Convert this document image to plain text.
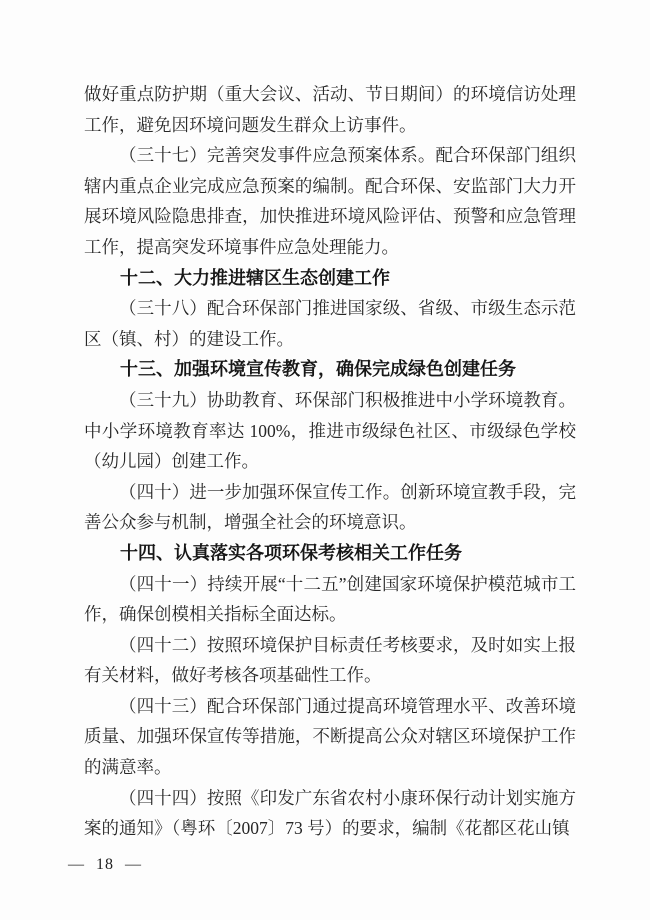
做好重点防护期（重大会议、活动、节日期间）的环境信访处理工作，避免因环境问题发生群众上访事件。

（三十七）完善突发事件应急预案体系。配合环保部门组织辖内重点企业完成应急预案的编制。配合环保、安监部门大力开展环境风险隐患排查，加快推进环境风险评估、预警和应急管理工作，提高突发环境事件应急处理能力。

十二、大力推进辖区生态创建工作

（三十八）配合环保部门推进国家级、省级、市级生态示范区（镇、村）的建设工作。

十三、加强环境宣传教育，确保完成绿色创建任务

（三十九）协助教育、环保部门积极推进中小学环境教育。中小学环境教育率达 100%，推进市级绿色社区、市级绿色学校（幼儿园）创建工作。

（四十）进一步加强环保宣传工作。创新环境宣教手段，完善公众参与机制，增强全社会的环境意识。

十四、认真落实各项环保考核相关工作任务

（四十一）持续开展“十二五”创建国家环境保护模范城市工作，确保创模相关指标全面达标。

（四十二）按照环境保护目标责任考核要求，及时如实上报有关材料，做好考核各项基础性工作。

（四十三）配合环保部门通过提高环境管理水平、改善环境质量、加强环保宣传等措施，不断提高公众对辖区环境保护工作的满意率。

（四十四）按照《印发广东省农村小康环保行动计划实施方案的通知》（粤环〔2007〕73 号）的要求，编制《花都区花山镇

— 18 —
